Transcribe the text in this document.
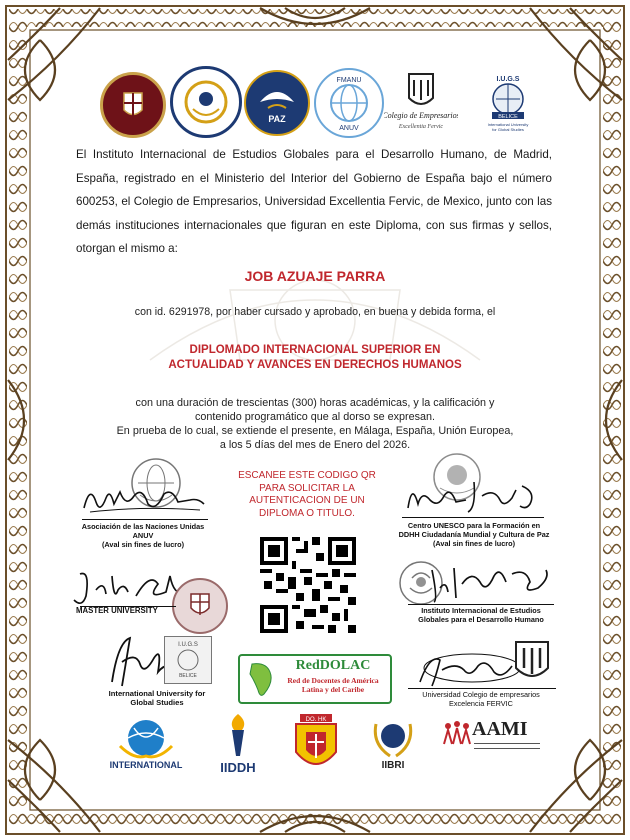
PAZ
FMANU
ANUV
Colegio de Empresarios
Excellentia Fervic
I.U.G.S
BELICE
International University
for Global Studies
El Instituto Internacional de Estudios Globales para el Desarrollo Humano, de Madrid, España, registrado en el Ministerio del Interior del Gobierno de España bajo el número 600253, el Colegio de Empresarios, Universidad Excellentia Fervic, de Mexico, junto con las demás instituciones internacionales que figuran en este Diploma, con sus firmas y sellos, otorgan el mismo a:
JOB AZUAJE PARRA
con id. 6291978, por haber cursado y aprobado, en buena y debida forma, el
DIPLOMADO INTERNACIONAL SUPERIOR EN
ACTUALIDAD Y AVANCES EN DERECHOS HUMANOS
con una duración de trescientas (300) horas académicas, y la calificación y
contenido programático que al dorso se expresan.
En prueba de lo cual, se extiende el presente, en Málaga, España, Unión Europea,
a los 5 días del mes de Enero del 2026.
ESCANEE ESTE CODIGO QR
PARA SOLICITAR LA
AUTENTICACION DE UN
DIPLOMA O TITULO.
Asociación de las Naciones Unidas
ANUV
(Aval sin fines de lucro)
Centro UNESCO para la Formación en
DDHH Ciudadanía Mundial y Cultura de Paz
(Aval sin fines de lucro)
MASTER UNIVERSITY	Instituto Internacional de Estudios
Globales para el Desarrollo Humano
I.U.G.S
BELICE
International University for
Global Studies
RedDOLAC
Red de Docentes de América
Latina y del Caribe
Universidad Colegio de empresarios
Excelencia FERVIC
INTERNATIONAL	IIDDH
DO. HK
IIBRI
AAMI
